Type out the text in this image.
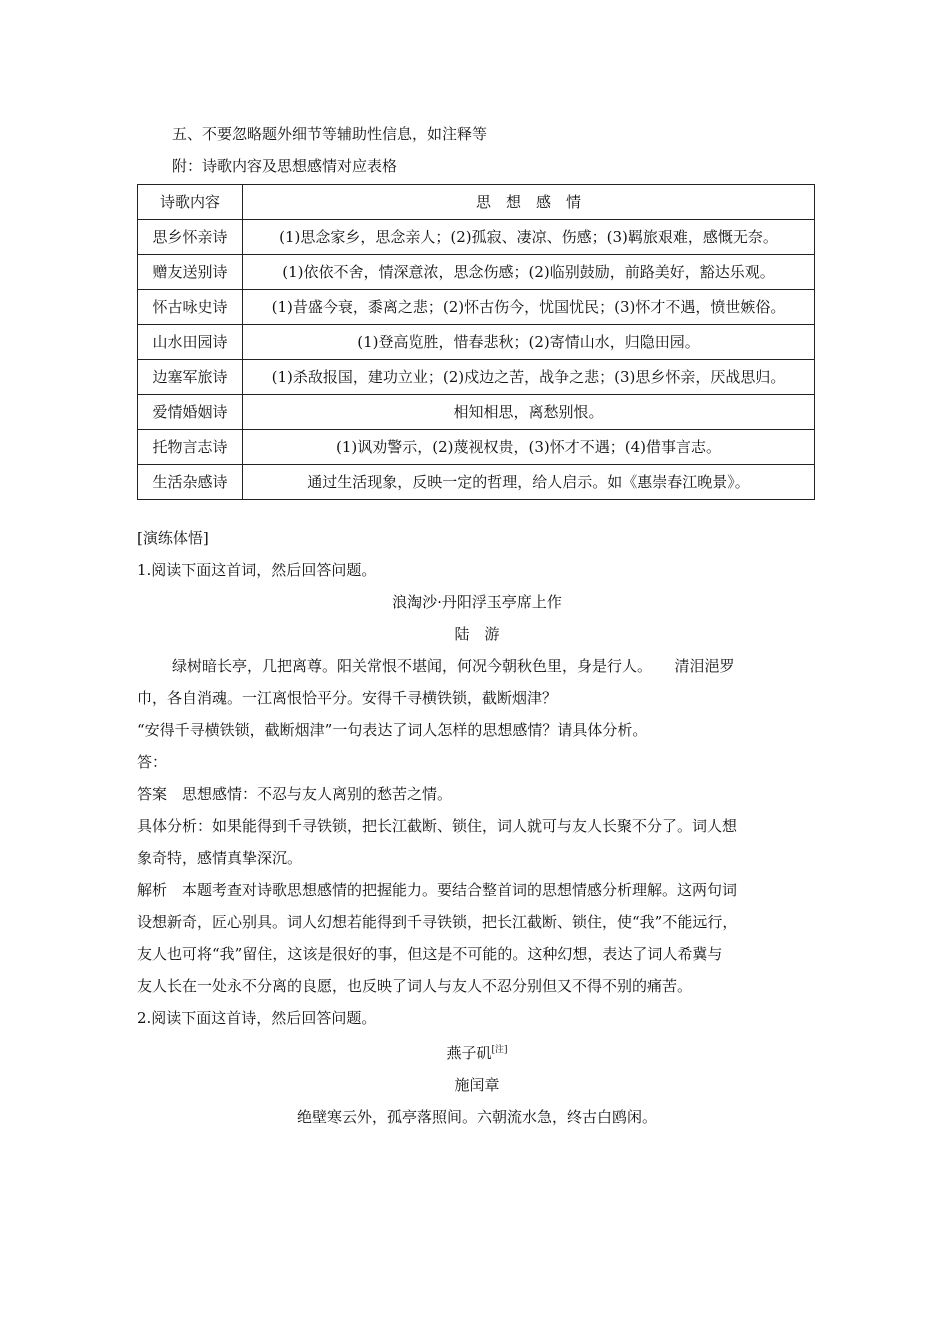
五、不要忽略题外细节等辅助性信息，如注释等
附：诗歌内容及思想感情对应表格
诗歌内容	思　想　感　情
思乡怀亲诗	(1)思念家乡，思念亲人；(2)孤寂、凄凉、伤感；(3)羁旅艰难，感慨无奈。
赠友送别诗	(1)依依不舍，情深意浓，思念伤感；(2)临别鼓励，前路美好，豁达乐观。
怀古咏史诗	(1)昔盛今衰，黍离之悲；(2)怀古伤今，忧国忧民；(3)怀才不遇，愤世嫉俗。
山水田园诗	(1)登高览胜，惜春悲秋；(2)寄情山水，归隐田园。
边塞军旅诗	(1)杀敌报国，建功立业；(2)戍边之苦，战争之悲；(3)思乡怀亲，厌战思归。
爱情婚姻诗	相知相思，离愁别恨。
托物言志诗	(1)讽劝警示，(2)蔑视权贵，(3)怀才不遇；(4)借事言志。
生活杂感诗	通过生活现象，反映一定的哲理，给人启示。如《惠崇春江晚景》。
[演练体悟]
1.阅读下面这首词，然后回答问题。
浪淘沙·丹阳浮玉亭席上作
陆　游
绿树暗长亭，几把离尊。阳关常恨不堪闻，何况今朝秋色里，身是行人。　　清泪浥罗
巾，各自消魂。一江离恨恰平分。安得千寻横铁锁，截断烟津？
“安得千寻横铁锁，截断烟津”一句表达了词人怎样的思想感情？请具体分析。
答：
答案　思想感情：不忍与友人离别的愁苦之情。
具体分析：如果能得到千寻铁锁，把长江截断、锁住，词人就可与友人长聚不分了。词人想
象奇特，感情真挚深沉。
解析　本题考查对诗歌思想感情的把握能力。要结合整首词的思想情感分析理解。这两句词
设想新奇，匠心别具。词人幻想若能得到千寻铁锁，把长江截断、锁住，使“我”不能远行，
友人也可将“我”留住，这该是很好的事，但这是不可能的。这种幻想，表达了词人希冀与
友人长在一处永不分离的良愿，也反映了词人与友人不忍分别但又不得不别的痛苦。
2.阅读下面这首诗，然后回答问题。
燕子矶[注]
施闰章
绝壁寒云外，孤亭落照间。六朝流水急，终古白鸥闲。
